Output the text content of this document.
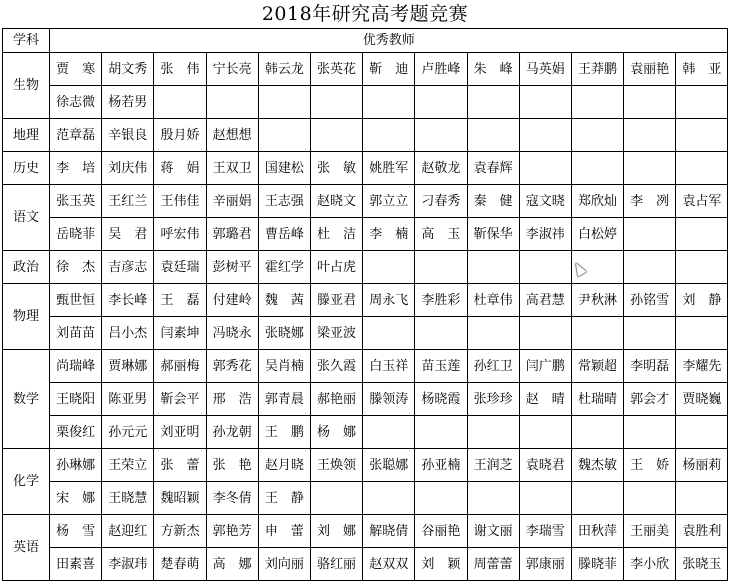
2018年研究高考题竞赛
学科	优秀教师												
生物	贾　寒	胡文秀	张　伟	宁长亮	韩云龙	张英花	靳　迪	卢胜峰	朱　峰	马英娟	王莽鹏	袁丽艳	韩　亚
	徐志微	杨若男											
地理	范章磊	辛银良	殷月娇	赵想想									
历史	李　培	刘庆伟	蒋　娟	王双卫	国建松	张　敏	姚胜军	赵敬龙	袁春辉				
语文	张玉英	王红兰	王伟佳	辛丽娟	王志强	赵晓文	郭立立	刁春秀	秦　健	寇文晓	郑欣灿	李　冽	袁占军
	岳晓菲	吴　君	呼宏伟	郭璐君	曹岳峰	杜　洁	李　楠	高　玉	靳保华	李淑祎	白松婷		
政治	徐　杰	吉彦志	袁廷瑞	彭树平	霍红学	叶占虎							
物理	甄世恒	李长峰	王　磊	付建岭	魏　茜	滕亚君	周永飞	李胜彩	杜章伟	高君慧	尹秋淋	孙铭雪	刘　静
	刘苗苗	吕小杰	闫素坤	冯晓永	张晓娜	梁亚波							
数学	尚瑞峰	贾琳娜	郝丽梅	郭秀花	吴肖楠	张久霞	白玉祥	苗玉莲	孙红卫	闫广鹏	常颖超	李明磊	李耀先
	王晓阳	陈亚男	靳会平	邢　浩	郭青晨	郝艳丽	滕领涛	杨晓霞	张珍珍	赵　晴	杜瑞晴	郭会才	贾晓巍
	栗俊红	孙元元	刘亚明	孙龙朝	王　鹏	杨　娜							
化学	孙琳娜	王荣立	张　蕾	张　艳	赵月晓	王焕领	张聪娜	孙亚楠	王润芝	袁晓君	魏杰敏	王　娇	杨丽莉
	宋　娜	王晓慧	魏昭颖	李冬倩	王　静								
英语	杨　雪	赵迎红	方新杰	郭艳芳	申　蕾	刘　娜	解晓倩	谷丽艳	谢文丽	李瑞雪	田秋萍	王丽美	袁胜利
	田素喜	李淑玮	楚春萌	高　娜	刘向丽	骆红丽	赵双双	刘　颖	周蕾蕾	郭康丽	滕晓菲	李小欣	张晓玉
